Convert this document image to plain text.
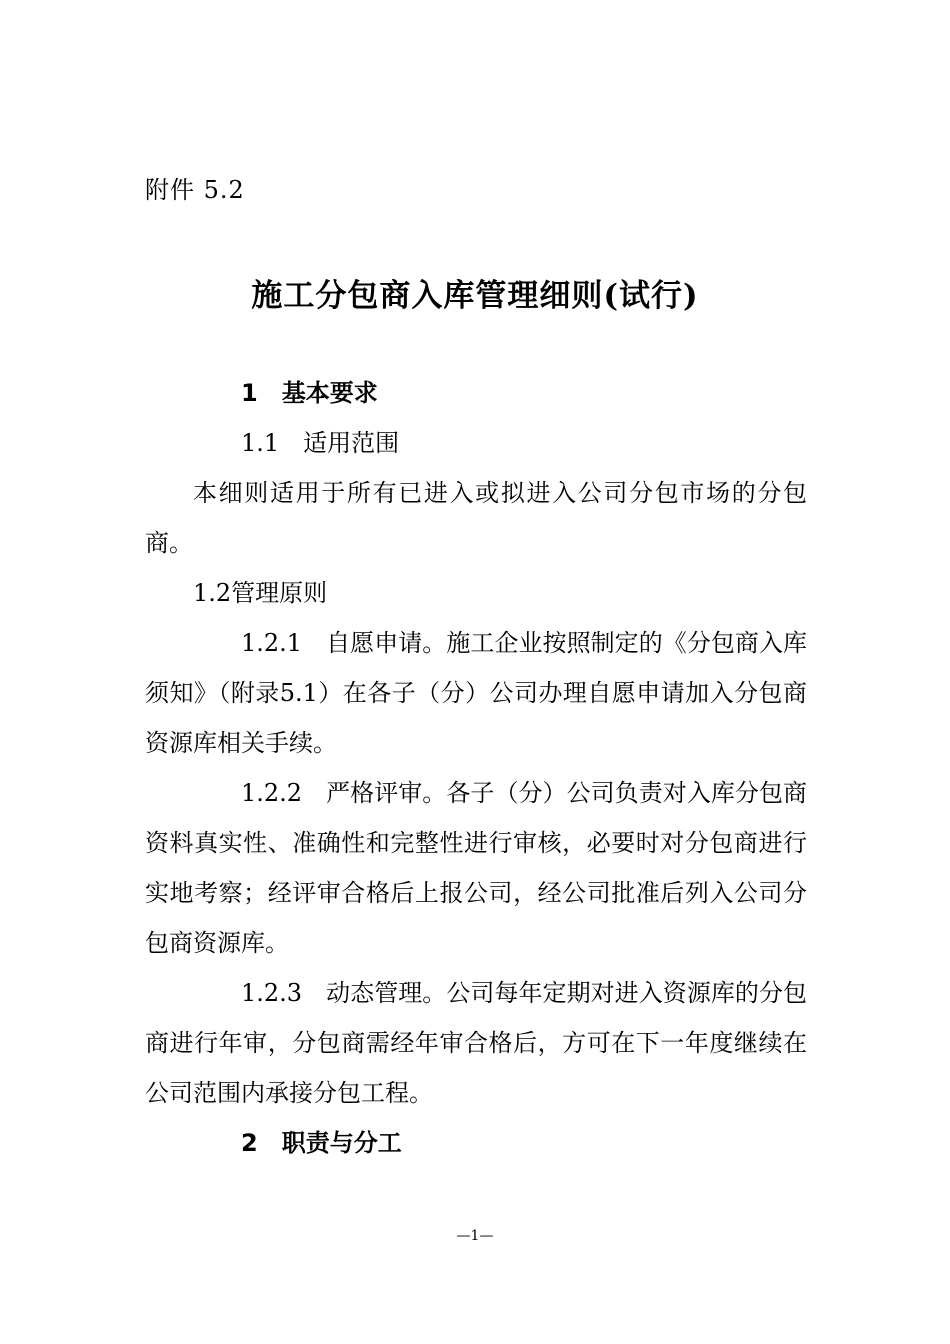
附件 5.2
施工分包商入库管理细则(试行)

1 基本要求

1.1 适用范围

本细则适用于所有已进入或拟进入公司分包市场的分包商。

1.2管理原则

1.2.1 自愿申请。施工企业按照制定的《分包商入库须知》（附录5.1）在各子（分）公司办理自愿申请加入分包商资源库相关手续。

1.2.2 严格评审。各子（分）公司负责对入库分包商资料真实性、准确性和完整性进行审核，必要时对分包商进行实地考察；经评审合格后上报公司，经公司批准后列入公司分包商资源库。

1.2.3 动态管理。公司每年定期对进入资源库的分包商进行年审，分包商需经年审合格后，方可在下一年度继续在公司范围内承接分包工程。

2 职责与分工

—1—
